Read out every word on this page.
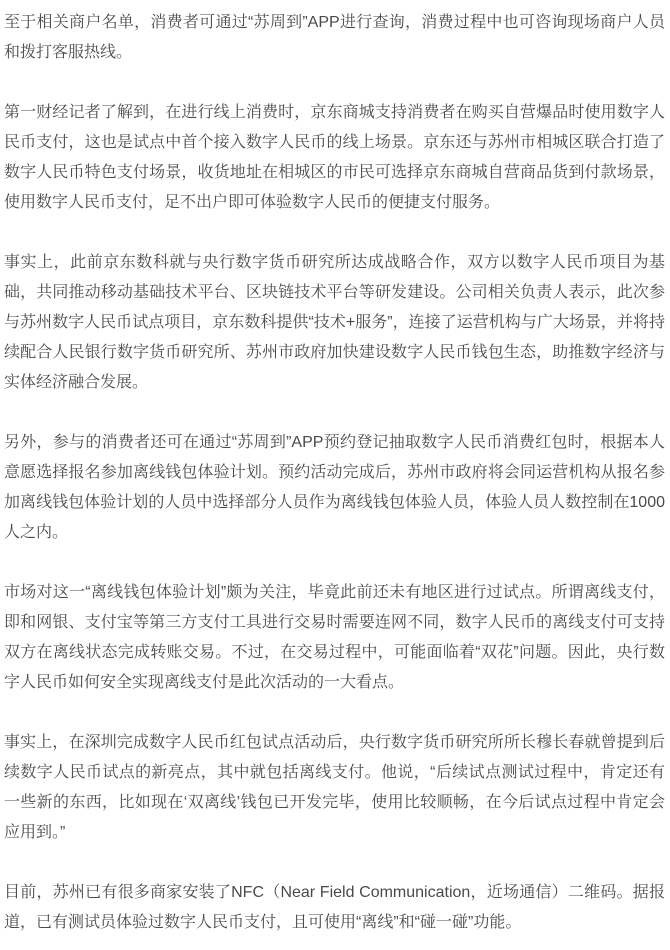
至于相关商户名单，消费者可通过“苏周到”APP进行查询，消费过程中也可咨询现场商户人员和拨打客服热线。

第一财经记者了解到，在进行线上消费时，京东商城支持消费者在购买自营爆品时使用数字人民币支付，这也是试点中首个接入数字人民币的线上场景。京东还与苏州市相城区联合打造了数字人民币特色支付场景，收货地址在相城区的市民可选择京东商城自营商品货到付款场景，使用数字人民币支付，足不出户即可体验数字人民币的便捷支付服务。

事实上，此前京东数科就与央行数字货币研究所达成战略合作，双方以数字人民币项目为基础，共同推动移动基础技术平台、区块链技术平台等研发建设。公司相关负责人表示，此次参与苏州数字人民币试点项目，京东数科提供“技术+服务”，连接了运营机构与广大场景，并将持续配合人民银行数字货币研究所、苏州市政府加快建设数字人民币钱包生态，助推数字经济与实体经济融合发展。

另外，参与的消费者还可在通过“苏周到”APP预约登记抽取数字人民币消费红包时，根据本人意愿选择报名参加离线钱包体验计划。预约活动完成后，苏州市政府将会同运营机构从报名参加离线钱包体验计划的人员中选择部分人员作为离线钱包体验人员，体验人员人数控制在1000人之内。

市场对这一“离线钱包体验计划”颇为关注，毕竟此前还未有地区进行过试点。所谓离线支付，即和网银、支付宝等第三方支付工具进行交易时需要连网不同，数字人民币的离线支付可支持双方在离线状态完成转账交易。不过，在交易过程中，可能面临着“双花”问题。因此，央行数字人民币如何安全实现离线支付是此次活动的一大看点。

事实上，在深圳完成数字人民币红包试点活动后，央行数字货币研究所所长穆长春就曾提到后续数字人民币试点的新亮点，其中就包括离线支付。他说，“后续试点测试过程中，肯定还有一些新的东西，比如现在‘双离线’钱包已开发完毕，使用比较顺畅，在今后试点过程中肯定会应用到。”

目前，苏州已有很多商家安装了NFC（Near Field Communication，近场通信）二维码。据报道，已有测试员体验过数字人民币支付，且可使用“离线”和“碰一碰”功能。
